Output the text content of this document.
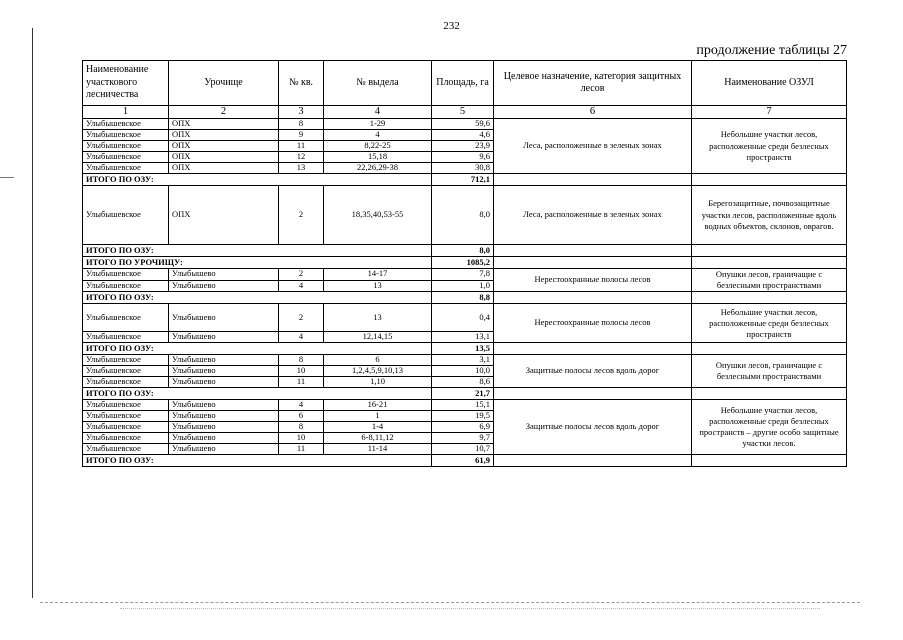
232
продолжение таблицы 27
Наименование участкового лесничества	Урочище	№ кв.	№ выдела	Площадь, га	Целевое назначение, категория защитных лесов	Наименование ОЗУЛ
1	2	3	4	5	6	7
Улыбышевское	ОПХ	8	1-29	59,6	Леса, расположенные в зеленых зонах	Небольшие участки лесов, расположенные среди безлесных пространств
Улыбышевское	ОПХ	9	4	4,6		
Улыбышевское	ОПХ	11	8,22-25	23,9		
Улыбышевское	ОПХ	12	15,18	9,6		
Улыбышевское	ОПХ	13	22,26,29-38	30,8		
ИТОГО ПО ОЗУ:				712,1		
Улыбышевское	ОПХ	2	18,35,40,53-55	8,0	Леса, расположенные в зеленых зонах	Берегозащитные, почвозащитные участки лесов, расположенные вдоль водных объектов, склонов, оврагов.
ИТОГО ПО ОЗУ:				8,0		
ИТОГО ПО УРОЧИЩУ:				1085,2		
Улыбышевское	Улыбышево	2	14-17	7,8	Нерестоохранные полосы лесов	Опушки лесов, граничащие с безлесными пространствами
Улыбышевское	Улыбышево	4	13	1,0		
ИТОГО ПО ОЗУ:				8,8		
Улыбышевское	Улыбышево	2	13	0,4	Нерестоохранные полосы лесов	Небольшие участки лесов, расположенные среди безлесных пространств
Улыбышевское	Улыбышево	4	12,14,15	13,1		
ИТОГО ПО ОЗУ:				13,5		
Улыбышевское	Улыбышево	8	6	3,1	Защитные полосы лесов вдоль дорог	Опушки лесов, граничащие с безлесными пространствами
Улыбышевское	Улыбышево	10	1,2,4,5,9,10,13	10,0		
Улыбышевское	Улыбышево	11	1,10	8,6		
ИТОГО ПО ОЗУ:				21,7		
Улыбышевское	Улыбышево	4	16-21	15,1	Защитные полосы лесов вдоль дорог	Небольшие участки лесов, расположенные среди безлесных пространств – другие особо защитные участки лесов.
Улыбышевское	Улыбышево	6	1	19,5		
Улыбышевское	Улыбышево	8	1-4	6,9		
Улыбышевское	Улыбышево	10	6-8,11,12	9,7		
Улыбышевское	Улыбышево	11	11-14	10,7		
ИТОГО ПО ОЗУ:				61,9		
